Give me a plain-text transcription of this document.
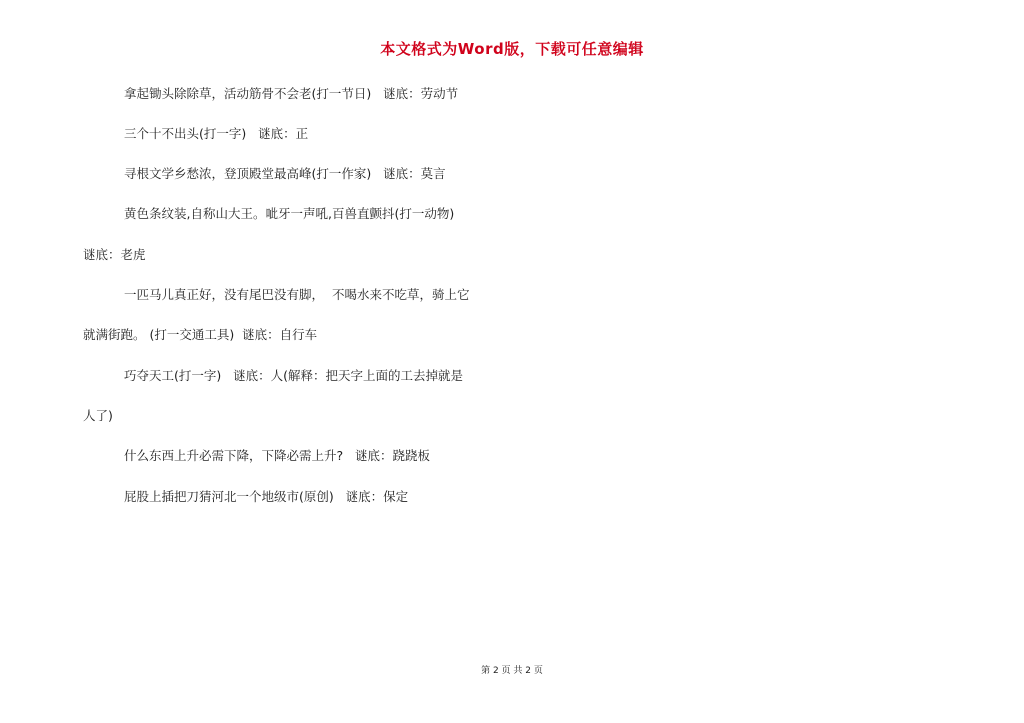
本文格式为Word版，下载可任意编辑
拿起锄头除除草，活动筋骨不会老(打一节日)   谜底：劳动节
三个十不出头(打一字)   谜底：正
寻根文学乡愁浓，登顶殿堂最高峰(打一作家)   谜底：莫言
黄色条纹装,自称山大王。呲牙一声吼,百兽直颤抖(打一动物)
谜底：老虎
一匹马儿真正好，没有尾巴没有脚，  不喝水来不吃草，骑上它
就满街跑。 (打一交通工具)  谜底：自行车
巧夺天工(打一字)   谜底：人(解释：把天字上面的工去掉就是
人了)
什么东西上升必需下降，下降必需上升?   谜底：跷跷板
屁股上插把刀猜河北一个地级市(原创)   谜底：保定
第 2 页 共 2 页
